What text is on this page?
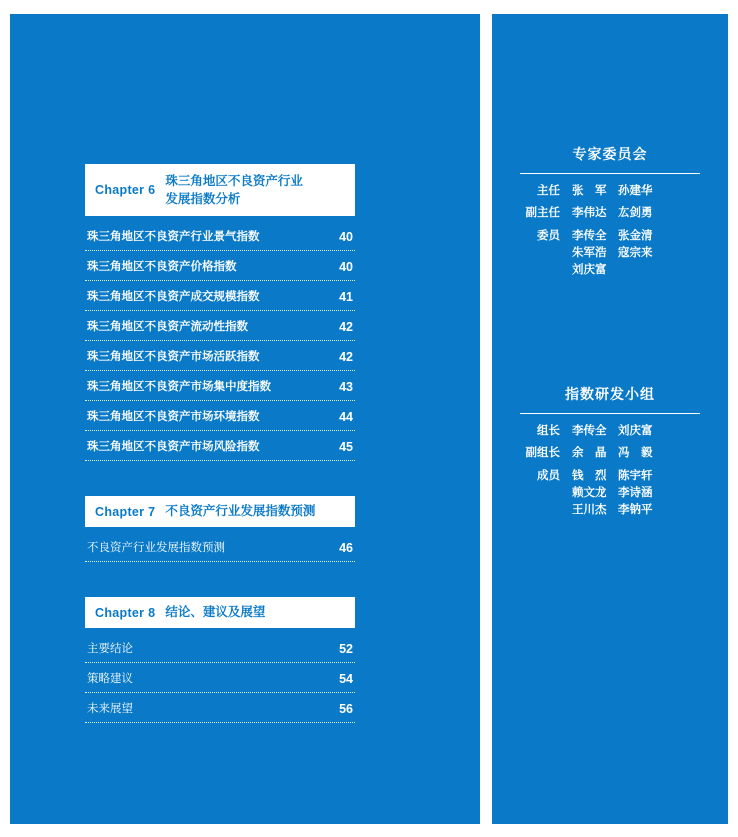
Chapter 6
珠三角地区不良资产行业
发展指数分析
珠三角地区不良资产行业景气指数	40
珠三角地区不良资产价格指数	40
珠三角地区不良资产成交规模指数	41
珠三角地区不良资产流动性指数	42
珠三角地区不良资产市场活跃指数	42
珠三角地区不良资产市场集中度指数	43
珠三角地区不良资产市场环境指数	44
珠三角地区不良资产市场风险指数	45
Chapter 7 不良资产行业发展指数预测
不良资产行业发展指数预测	46
Chapter 8 结论、建议及展望
主要结论	52
策略建议	54
未来展望	56
专家委员会
主任	张　军　孙建华
副主任	李伟达　厷剑勇
委员	李传全　张金清
朱军浩　寇宗来
刘庆富
指数研发小组
组长	李传全　刘庆富
副组长	余　晶　冯　毅
成员	钱　烈　陈宇轩
赖文龙　李诗涵
王川杰　李钠平
